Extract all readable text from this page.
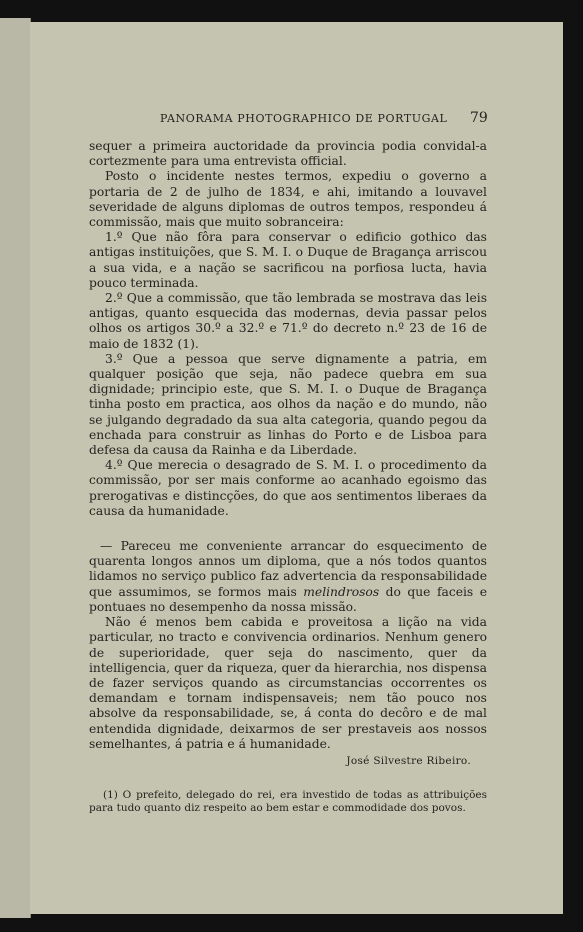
PANORAMA PHOTOGRAPHICO DE PORTUGAL 79

sequer a primeira auctoridade da provincia podia convidal-a cortezmente para uma entrevista official.

Posto o incidente nestes termos, expediu o governo a portaria de 2 de julho de 1834, e ahi, imitando a louvavel severidade de alguns diplomas de outros tempos, respondeu á commissão, mais que muito sobranceira:

1.º Que não fôra para conservar o edificio gothico das antigas instituições, que S. M. I. o Duque de Bragança arriscou a sua vida, e a nação se sacrificou na porfiosa lucta, havia pouco terminada.

2.º Que a commissão, que tão lembrada se mostrava das leis antigas, quanto esquecida das modernas, devia passar pelos olhos os artigos 30.º a 32.º e 71.º do decreto n.º 23 de 16 de maio de 1832 (1).

3.º Que a pessoa que serve dignamente a patria, em qualquer posição que seja, não padece quebra em sua dignidade; principio este, que S. M. I. o Duque de Bragança tinha posto em practica, aos olhos da nação e do mundo, não se julgando degradado da sua alta categoria, quando pegou da enchada para construir as linhas do Porto e de Lisboa para defesa da causa da Rainha e da Liberdade.

4.º Que merecia o desagrado de S. M. I. o procedimento da commissão, por ser mais conforme ao acanhado egoismo das prerogativas e distincções, do que aos sentimentos liberaes da causa da humanidade.

— Pareceu me conveniente arrancar do esquecimento de quarenta longos annos um diploma, que a nós todos quantos lidamos no serviço publico faz advertencia da responsabilidade que assumimos, se formos mais melindrosos do que faceis e pontuaes no desempenho da nossa missão.

Não é menos bem cabida e proveitosa a lição na vida particular, no tracto e convivencia ordinarios. Nenhum genero de superioridade, quer seja do nascimento, quer da intelligencia, quer da riqueza, quer da hierarchia, nos dispensa de fazer serviços quando as circumstancias occorrentes os demandam e tornam indispensaveis; nem tão pouco nos absolve da responsabilidade, se, á conta do decôro e de mal entendida dignidade, deixarmos de ser prestaveis aos nossos semelhantes, á patria e á humanidade.

José Silvestre Ribeiro.

(1) O prefeito, delegado do rei, era investido de todas as attribuições para tudo quanto diz respeito ao bem estar e commodidade dos povos.
